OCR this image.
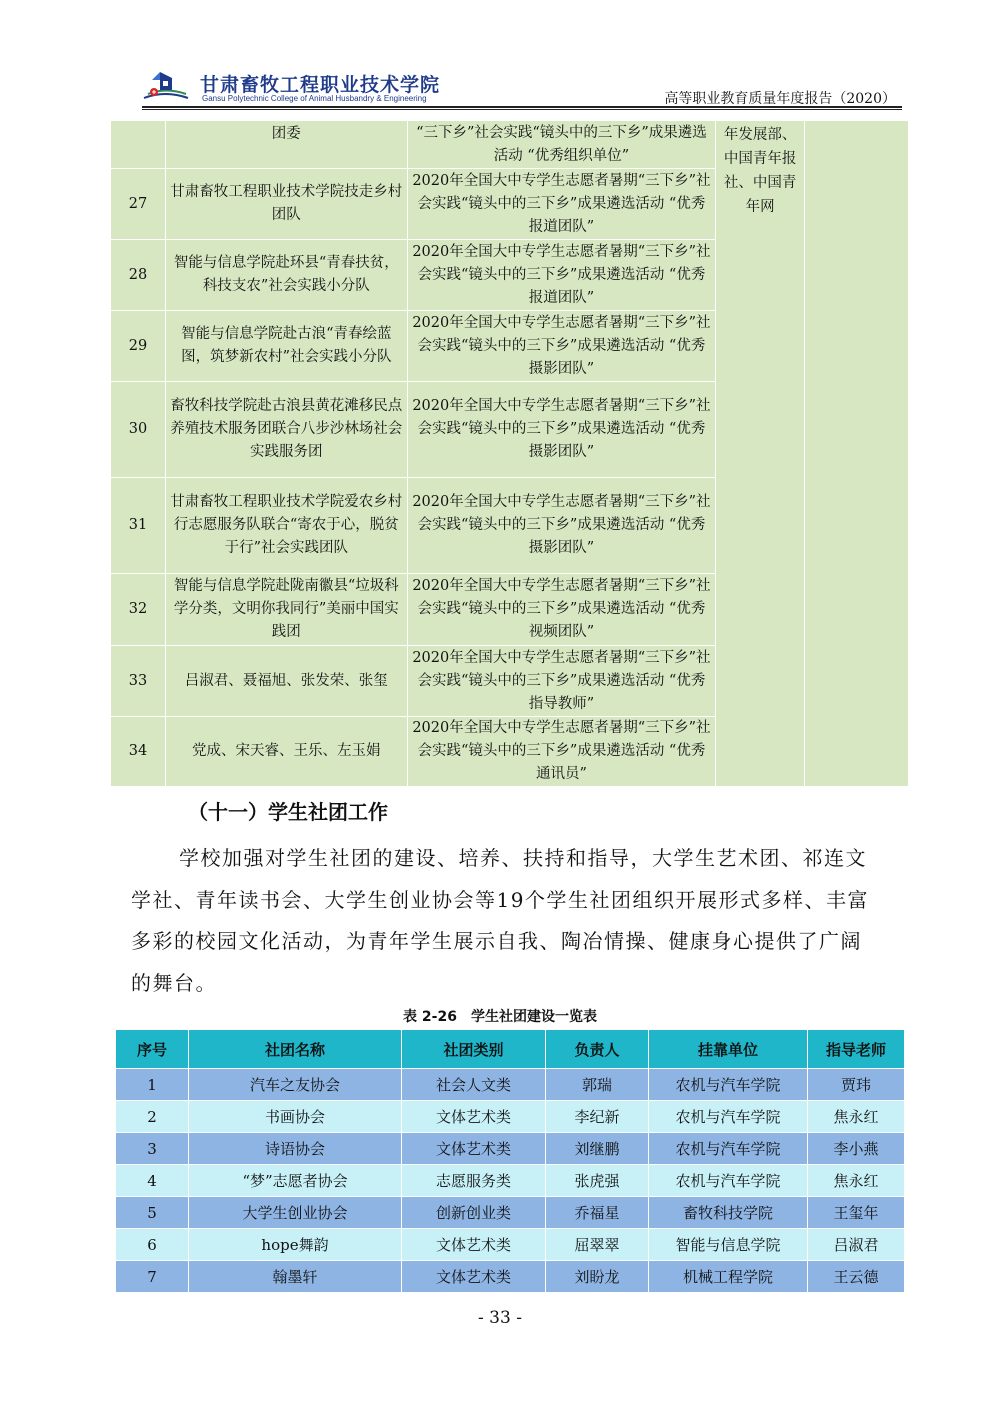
甘肃畜牧工程职业技术学院
Gansu Polytechnic College of Animal Husbandry & Engineering	高等职业教育质量年度报告（2020）
	团委	“三下乡”社会实践“镜头中的三下乡”成果遴选活动 “优秀组织单位”	年发展部、中国青年报社、中国青年网	
27	甘肃畜牧工程职业技术学院技走乡村团队	2020年全国大中专学生志愿者暑期“三下乡”社会实践“镜头中的三下乡”成果遴选活动 “优秀报道团队”		
28	智能与信息学院赴环县“青春扶贫，科技支农”社会实践小分队	2020年全国大中专学生志愿者暑期“三下乡”社会实践“镜头中的三下乡”成果遴选活动 “优秀报道团队”		
29	智能与信息学院赴古浪“青春绘蓝图，筑梦新农村”社会实践小分队	2020年全国大中专学生志愿者暑期“三下乡”社会实践“镜头中的三下乡”成果遴选活动 “优秀摄影团队”		
30	畜牧科技学院赴古浪县黄花滩移民点养殖技术服务团联合八步沙林场社会实践服务团	2020年全国大中专学生志愿者暑期“三下乡”社会实践“镜头中的三下乡”成果遴选活动 “优秀摄影团队”		
31	甘肃畜牧工程职业技术学院爱农乡村行志愿服务队联合“寄农于心，脱贫于行”社会实践团队	2020年全国大中专学生志愿者暑期“三下乡”社会实践“镜头中的三下乡”成果遴选活动 “优秀摄影团队”		
32	智能与信息学院赴陇南徽县“垃圾科学分类，文明你我同行”美丽中国实践团	2020年全国大中专学生志愿者暑期“三下乡”社会实践“镜头中的三下乡”成果遴选活动 “优秀视频团队”		
33	吕淑君、聂福旭、张发荣、张玺	2020年全国大中专学生志愿者暑期“三下乡”社会实践“镜头中的三下乡”成果遴选活动 “优秀指导教师”		
34	党成、宋天睿、王乐、左玉娟	2020年全国大中专学生志愿者暑期“三下乡”社会实践“镜头中的三下乡”成果遴选活动 “优秀通讯员”		
（十一）学生社团工作
学校加强对学生社团的建设、培养、扶持和指导，大学生艺术团、祁连文学社、青年读书会、大学生创业协会等19个学生社团组织开展形式多样、丰富多彩的校园文化活动，为青年学生展示自我、陶冶情操、健康身心提供了广阔的舞台。
表 2-26　学生社团建设一览表
序号	社团名称	社团类别	负责人	挂靠单位	指导老师
1	汽车之友协会	社会人文类	郭瑞	农机与汽车学院	贾玮
2	书画协会	文体艺术类	李纪新	农机与汽车学院	焦永红
3	诗语协会	文体艺术类	刘继鹏	农机与汽车学院	李小燕
4	“梦”志愿者协会	志愿服务类	张虎强	农机与汽车学院	焦永红
5	大学生创业协会	创新创业类	乔福星	畜牧科技学院	王玺年
6	hope舞韵	文体艺术类	屈翠翠	智能与信息学院	吕淑君
7	翰墨轩	文体艺术类	刘盼龙	机械工程学院	王云德
- 33 -
